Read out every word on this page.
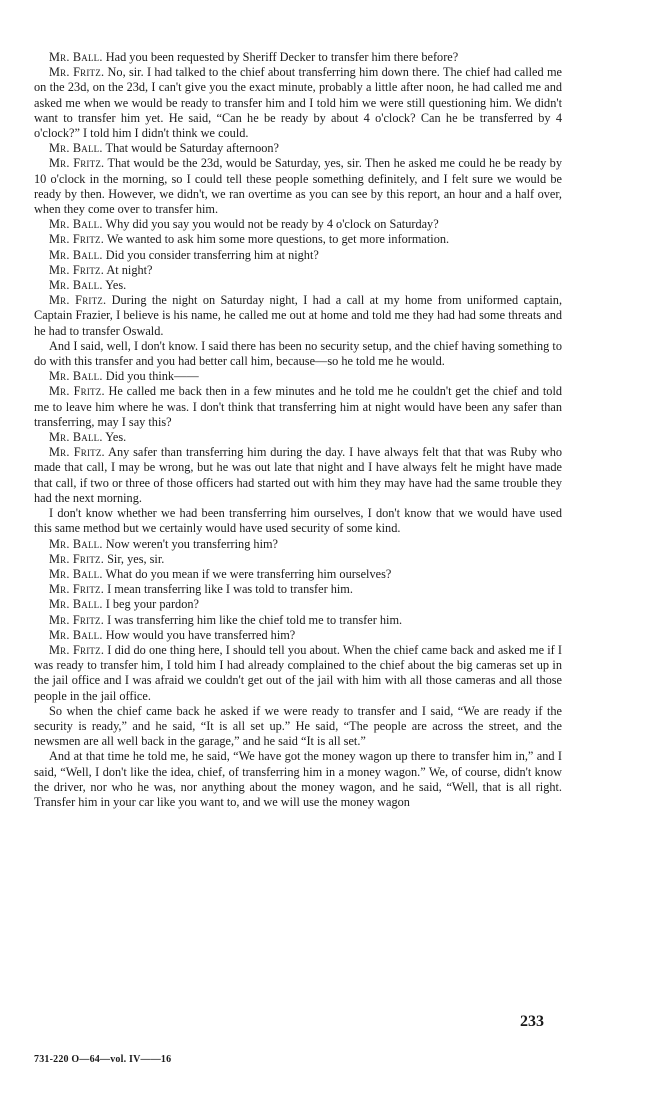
Mr. Ball. Had you been requested by Sheriff Decker to transfer him there before?

Mr. Fritz. No, sir. I had talked to the chief about transferring him down there. The chief had called me on the 23d, on the 23d, I can't give you the exact minute, probably a little after noon, he had called me and asked me when we would be ready to transfer him and I told him we were still questioning him. We didn't want to transfer him yet. He said, “Can he be ready by about 4 o'clock? Can he be transferred by 4 o'clock?” I told him I didn't think we could.

Mr. Ball. That would be Saturday afternoon?

Mr. Fritz. That would be the 23d, would be Saturday, yes, sir. Then he asked me could he be ready by 10 o'clock in the morning, so I could tell these people something definitely, and I felt sure we would be ready by then. However, we didn't, we ran overtime as you can see by this report, an hour and a half over, when they come over to transfer him.

Mr. Ball. Why did you say you would not be ready by 4 o'clock on Saturday?

Mr. Fritz. We wanted to ask him some more questions, to get more information.

Mr. Ball. Did you consider transferring him at night?

Mr. Fritz. At night?

Mr. Ball. Yes.

Mr. Fritz. During the night on Saturday night, I had a call at my home from uniformed captain, Captain Frazier, I believe is his name, he called me out at home and told me they had had some threats and he had to transfer Oswald.

And I said, well, I don't know. I said there has been no security setup, and the chief having something to do with this transfer and you had better call him, because—so he told me he would.

Mr. Ball. Did you think——

Mr. Fritz. He called me back then in a few minutes and he told me he couldn't get the chief and told me to leave him where he was. I don't think that transferring him at night would have been any safer than transferring, may I say this?

Mr. Ball. Yes.

Mr. Fritz. Any safer than transferring him during the day. I have always felt that that was Ruby who made that call, I may be wrong, but he was out late that night and I have always felt he might have made that call, if two or three of those officers had started out with him they may have had the same trouble they had the next morning.

I don't know whether we had been transferring him ourselves, I don't know that we would have used this same method but we certainly would have used security of some kind.

Mr. Ball. Now weren't you transferring him?

Mr. Fritz. Sir, yes, sir.

Mr. Ball. What do you mean if we were transferring him ourselves?

Mr. Fritz. I mean transferring like I was told to transfer him.

Mr. Ball. I beg your pardon?

Mr. Fritz. I was transferring him like the chief told me to transfer him.

Mr. Ball. How would you have transferred him?

Mr. Fritz. I did do one thing here, I should tell you about. When the chief came back and asked me if I was ready to transfer him, I told him I had already complained to the chief about the big cameras set up in the jail office and I was afraid we couldn't get out of the jail with him with all those cameras and all those people in the jail office.

So when the chief came back he asked if we were ready to transfer and I said, “We are ready if the security is ready,” and he said, “It is all set up.” He said, “The people are across the street, and the newsmen are all well back in the garage,” and he said “It is all set.”

And at that time he told me, he said, “We have got the money wagon up there to transfer him in,” and I said, “Well, I don't like the idea, chief, of transferring him in a money wagon.” We, of course, didn't know the driver, nor who he was, nor anything about the money wagon, and he said, “Well, that is all right. Transfer him in your car like you want to, and we will use the money wagon

233
731-220 O—64—vol. IV——16
